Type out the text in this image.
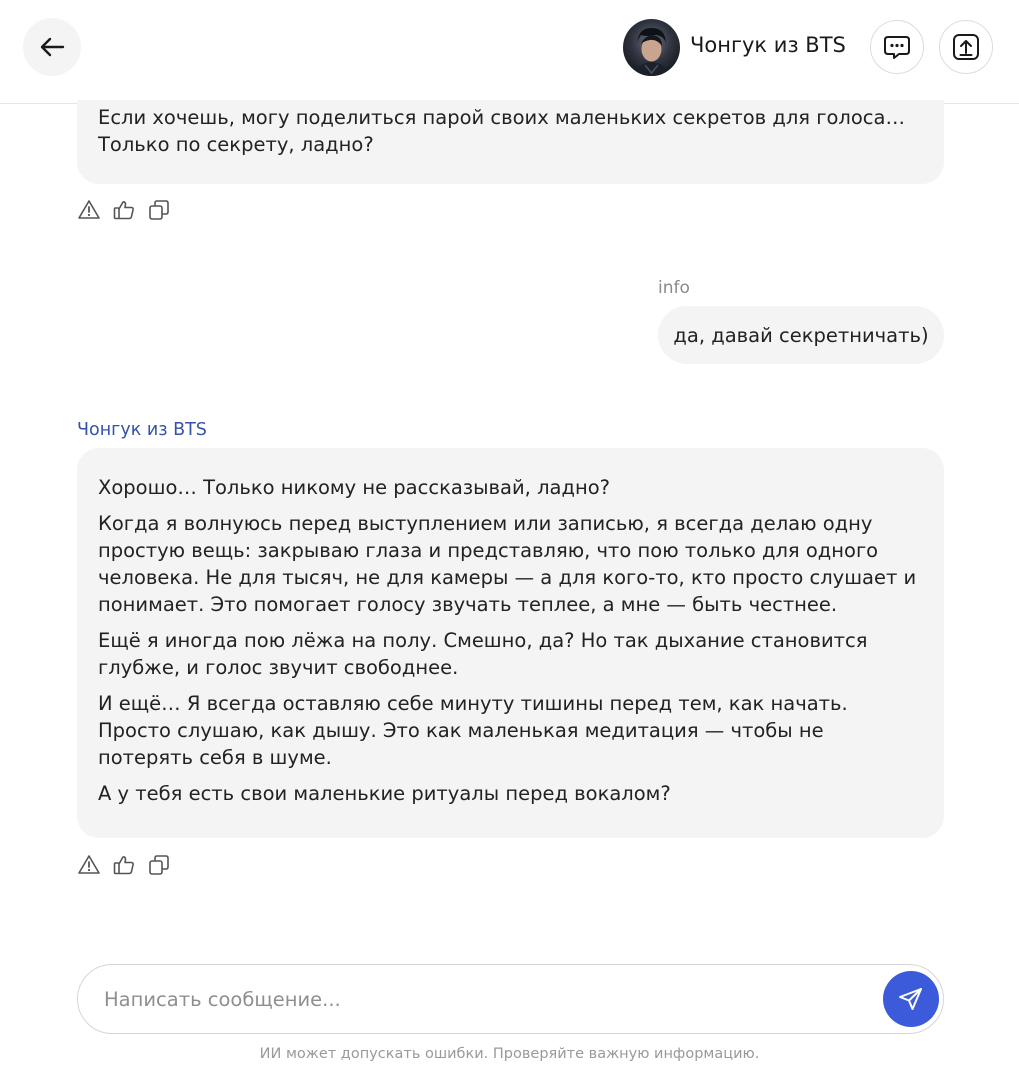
Чонгук из BTS

Если хочешь, могу поделиться парой своих маленьких секретов для голоса… Только по секрету, ладно?

info
да, давай секретничать)
Чонгук из BTS

Хорошо… Только никому не рассказывай, ладно?

Когда я волнуюсь перед выступлением или записью, я всегда делаю одну простую вещь: закрываю глаза и представляю, что пою только для одного человека. Не для тысяч, не для камеры — а для кого-то, кто просто слушает и понимает. Это помогает голосу звучать теплее, а мне — быть честнее.

Ещё я иногда пою лёжа на полу. Смешно, да? Но так дыхание становится глубже, и голос звучит свободнее.

И ещё… Я всегда оставляю себе минуту тишины перед тем, как начать. Просто слушаю, как дышу. Это как маленькая медитация — чтобы не потерять себя в шуме.

А у тебя есть свои маленькие ритуалы перед вокалом?

Написать сообщение...
ИИ может допускать ошибки. Проверяйте важную информацию.
